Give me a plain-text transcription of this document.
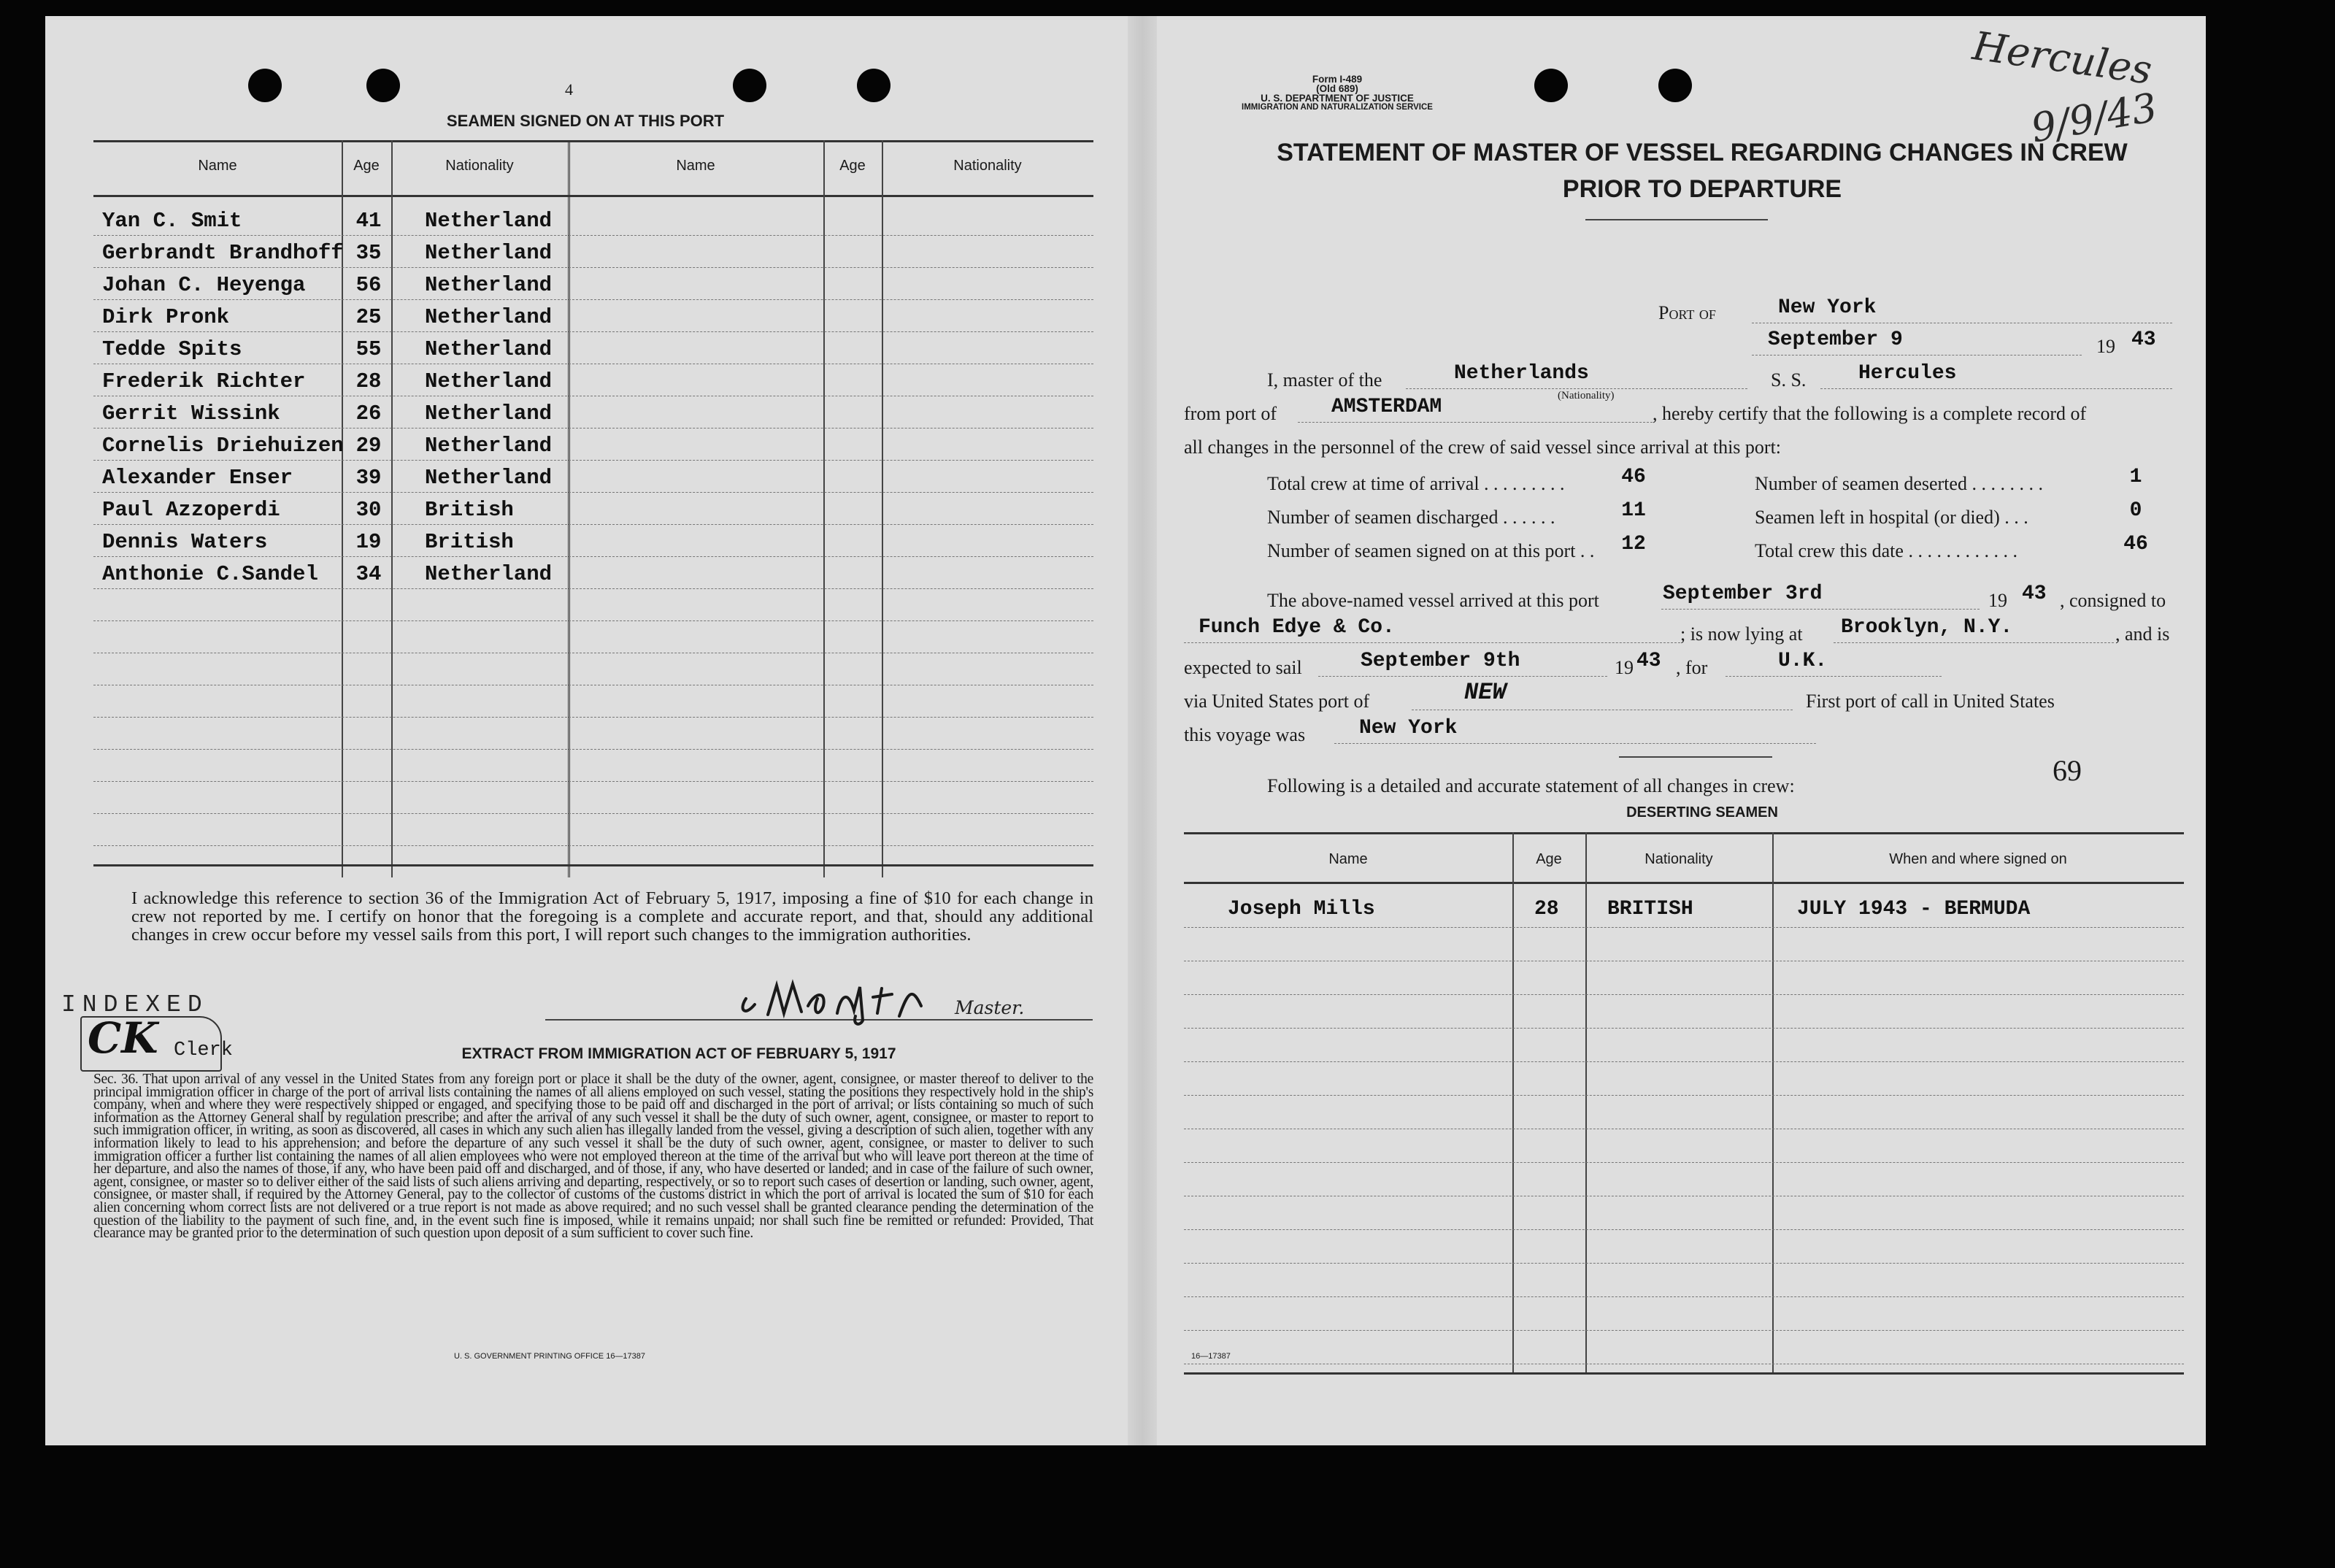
4
SEAMEN SIGNED ON AT THIS PORT
Name	Age	Nationality	Name	Age	Nationality
Yan C. Smit	41	Netherland
Gerbrandt Brandhoff 35	Netherland
Johan C. Heyenga	56	Netherland
Dirk Pronk	25	Netherland
Tedde Spits	55	Netherland
Frederik Richter	28	Netherland
Gerrit Wissink	26	Netherland
Cornelis Driehuizen 29	Netherland
Alexander Enser	39	Netherland
Paul Azzoperdi	30	British
Dennis Waters	19	British
Anthonie C.Sandel	34	Netherland
I acknowledge this reference to section 36 of the Immigration Act of February 5, 1917, imposing a fine of $10 for each change in crew not reported by me. I certify on honor that the foregoing is a complete and accurate report, and that, should any additional changes in crew occur before my vessel sails from this port, I will report such changes to the immigration authorities.
Master.
INDEXED
CK Clerk	EXTRACT FROM IMMIGRATION ACT OF FEBRUARY 5, 1917
Sec. 36. That upon arrival of any vessel in the United States from any foreign port or place it shall be the duty of the owner, agent, consignee, or master thereof to deliver to the principal immigration officer in charge of the port of arrival lists containing the names of all aliens employed on such vessel, stating the positions they respectively hold in the ship's company, when and where they were respectively shipped or engaged, and specifying those to be paid off and discharged in the port of arrival; or lists containing so much of such information as the Attorney General shall by regulation prescribe; and after the arrival of any such vessel it shall be the duty of such owner, agent, consignee, or master to report to such immigration officer, in writing, as soon as discovered, all cases in which any such alien has illegally landed from the vessel, giving a description of such alien, together with any information likely to lead to his apprehension; and before the departure of any such vessel it shall be the duty of such owner, agent, consignee, or master to deliver to such immigration officer a further list containing the names of all alien employees who were not employed thereon at the time of the arrival but who will leave port thereon at the time of her departure, and also the names of those, if any, who have been paid off and discharged, and of those, if any, who have deserted or landed; and in case of the failure of such owner, agent, consignee, or master so to deliver either of the said lists of such aliens arriving and departing, respectively, or so to report such cases of desertion or landing, such owner, agent, consignee, or master shall, if required by the Attorney General, pay to the collector of customs of the customs district in which the port of arrival is located the sum of $10 for each alien concerning whom correct lists are not delivered or a true report is not made as above required; and no such vessel shall be granted clearance pending the determination of the question of the liability to the payment of such fine, and, in the event such fine is imposed, while it remains unpaid; nor shall such fine be remitted or refunded: Provided, That clearance may be granted prior to the determination of such question upon deposit of a sum sufficient to cover such fine.
U. S. GOVERNMENT PRINTING OFFICE 16—17387
Form I-489
(Old 689)
U. S. DEPARTMENT OF JUSTICE
IMMIGRATION AND NATURALIZATION SERVICE
Hercules
9/9/43
STATEMENT OF MASTER OF VESSEL REGARDING CHANGES IN CREW
PRIOR TO DEPARTURE
Port of	New York
September 9	19 43
I, master of the	Netherlands
(Nationality)
S. S.	Hercules
from port of	AMSTERDAM	, hereby certify that the following is a complete record of
all changes in the personnel of the crew of said vessel since arrival at this port:
Total crew at time of arrival . . . . . . . . .	46	Number of seamen deserted . . . . . . . .	1
Number of seamen discharged . . . . . .	11	Seamen left in hospital (or died) . . .	0
Number of seamen signed on at this port . .	12	Total crew this date . . . . . . . . . . . .	46
The above-named vessel arrived at this port	September 3rd	19 43 , consigned to
Funch Edye & Co.	; is now lying at Brooklyn, N.Y.	, and is
expected to sail	September 9th	19 43 , for	U.K.
via United States port of	NEW	First port of call in United States
this voyage was	New York
Following is a detailed and accurate statement of all changes in crew:	69
DESERTING SEAMEN
Name	Age	Nationality	When and where signed on
Joseph Mills	28 BRITISH	JULY 1943 - BERMUDA
16—17387
